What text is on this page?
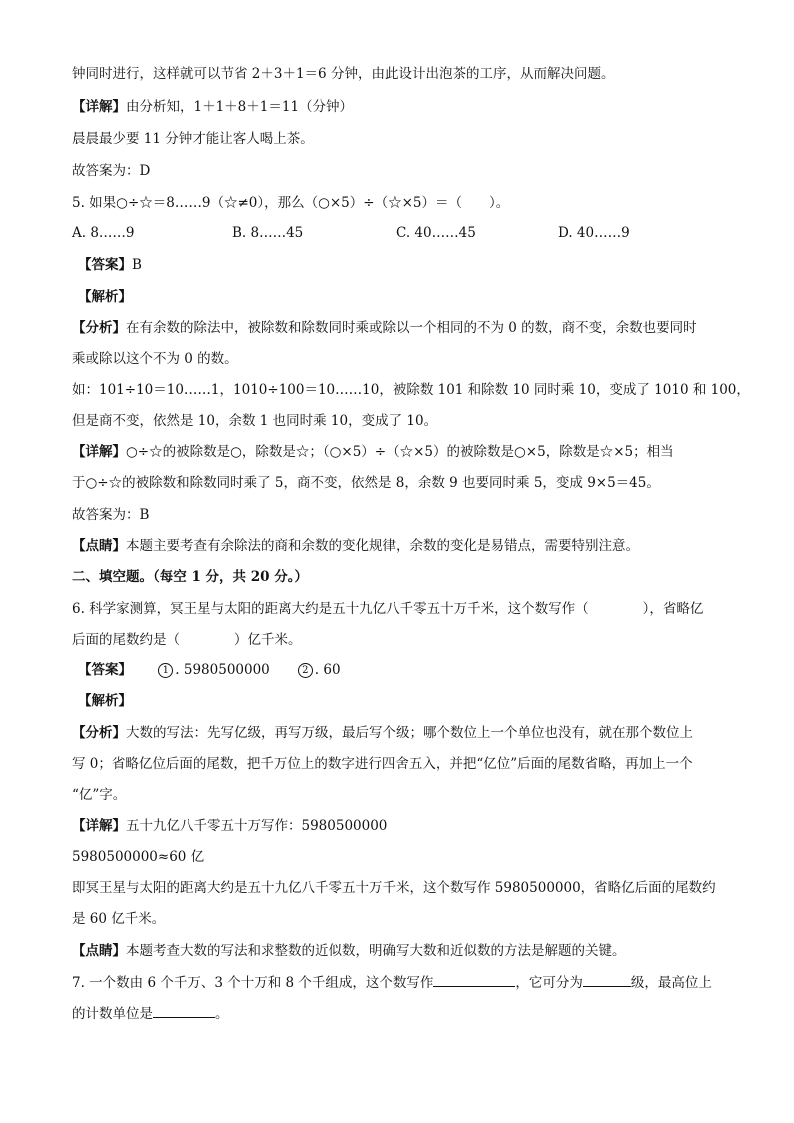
钟同时进行，这样就可以节省 2＋3＋1＝6 分钟，由此设计出泡茶的工序，从而解决问题。
【详解】由分析知，1＋1＋8＋1＝11（分钟）
晨晨最少要 11 分钟才能让客人喝上茶。
故答案为：D
5. 如果○÷☆＝8……9（☆≠0），那么（○×5）÷（☆×5）＝（　　）。
A. 8……9	B. 8……45	C. 40……45	D. 40……9
【答案】B
【解析】
【分析】在有余数的除法中，被除数和除数同时乘或除以一个相同的不为 0 的数，商不变，余数也要同时
乘或除以这个不为 0 的数。
如：101÷10＝10……1，1010÷100＝10……10，被除数 101 和除数 10 同时乘 10，变成了 1010 和 100，
但是商不变，依然是 10，余数 1 也同时乘 10，变成了 10。
【详解】○÷☆的被除数是○，除数是☆；（○×5）÷（☆×5）的被除数是○×5，除数是☆×5；相当
于○÷☆的被除数和除数同时乘了 5，商不变，依然是 8，余数 9 也要同时乘 5，变成 9×5＝45。
故答案为：B
【点睛】本题主要考查有余除法的商和余数的变化规律，余数的变化是易错点，需要特别注意。
二、填空题。（每空 1 分，共 20 分。）
6. 科学家测算，冥王星与太阳的距离大约是五十九亿八千零五十万千米，这个数写作（　　　　），省略亿
后面的尾数约是（　　　　）亿千米。
【答案】	1 . 5980500000	2 . 60
【解析】
【分析】大数的写法：先写亿级，再写万级，最后写个级；哪个数位上一个单位也没有，就在那个数位上
写 0；省略亿位后面的尾数，把千万位上的数字进行四舍五入，并把“亿位”后面的尾数省略，再加上一个
“亿”字。
【详解】五十九亿八千零五十万写作：5980500000
5980500000≈60 亿
即冥王星与太阳的距离大约是五十九亿八千零五十万千米，这个数写作 5980500000，省略亿后面的尾数约
是 60 亿千米。
【点睛】本题考查大数的写法和求整数的近似数，明确写大数和近似数的方法是解题的关键。
7. 一个数由 6 个千万、3 个十万和 8 个千组成，这个数写作	，它可分为	级，最高位上
的计数单位是	。
